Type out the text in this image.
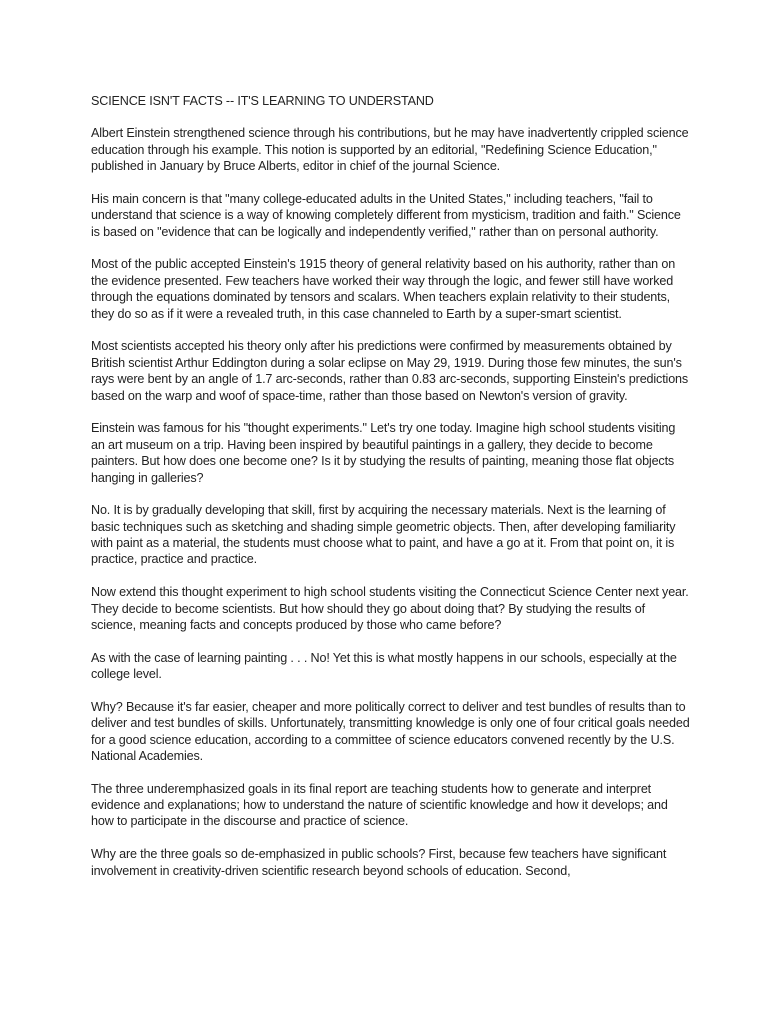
SCIENCE ISN'T FACTS -- IT'S LEARNING TO UNDERSTAND

Albert Einstein strengthened science through his contributions, but he may have inadvertently crippled science education through his example. This notion is supported by an editorial, "Redefining Science Education," published in January by Bruce Alberts, editor in chief of the journal Science.

His main concern is that "many college-educated adults in the United States," including teachers, "fail to understand that science is a way of knowing completely different from mysticism, tradition and faith." Science is based on "evidence that can be logically and independently verified," rather than on personal authority.

Most of the public accepted Einstein's 1915 theory of general relativity based on his authority, rather than on the evidence presented. Few teachers have worked their way through the logic, and fewer still have worked through the equations dominated by tensors and scalars. When teachers explain relativity to their students, they do so as if it were a revealed truth, in this case channeled to Earth by a super-smart scientist.

Most scientists accepted his theory only after his predictions were confirmed by measurements obtained by British scientist Arthur Eddington during a solar eclipse on May 29, 1919. During those few minutes, the sun's rays were bent by an angle of 1.7 arc-seconds, rather than 0.83 arc-seconds, supporting Einstein's predictions based on the warp and woof of space-time, rather than those based on Newton's version of gravity.

Einstein was famous for his "thought experiments." Let's try one today. Imagine high school students visiting an art museum on a trip. Having been inspired by beautiful paintings in a gallery, they decide to become painters. But how does one become one? Is it by studying the results of painting, meaning those flat objects hanging in galleries?

No. It is by gradually developing that skill, first by acquiring the necessary materials. Next is the learning of basic techniques such as sketching and shading simple geometric objects. Then, after developing familiarity with paint as a material, the students must choose what to paint, and have a go at it. From that point on, it is practice, practice and practice.

Now extend this thought experiment to high school students visiting the Connecticut Science Center next year. They decide to become scientists. But how should they go about doing that? By studying the results of science, meaning facts and concepts produced by those who came before?

As with the case of learning painting . . . No! Yet this is what mostly happens in our schools, especially at the college level.

Why? Because it's far easier, cheaper and more politically correct to deliver and test bundles of results than to deliver and test bundles of skills. Unfortunately, transmitting knowledge is only one of four critical goals needed for a good science education, according to a committee of science educators convened recently by the U.S. National Academies.

The three underemphasized goals in its final report are teaching students how to generate and interpret evidence and explanations; how to understand the nature of scientific knowledge and how it develops; and how to participate in the discourse and practice of science.

Why are the three goals so de-emphasized in public schools? First, because few teachers have significant involvement in creativity-driven scientific research beyond schools of education. Second,
